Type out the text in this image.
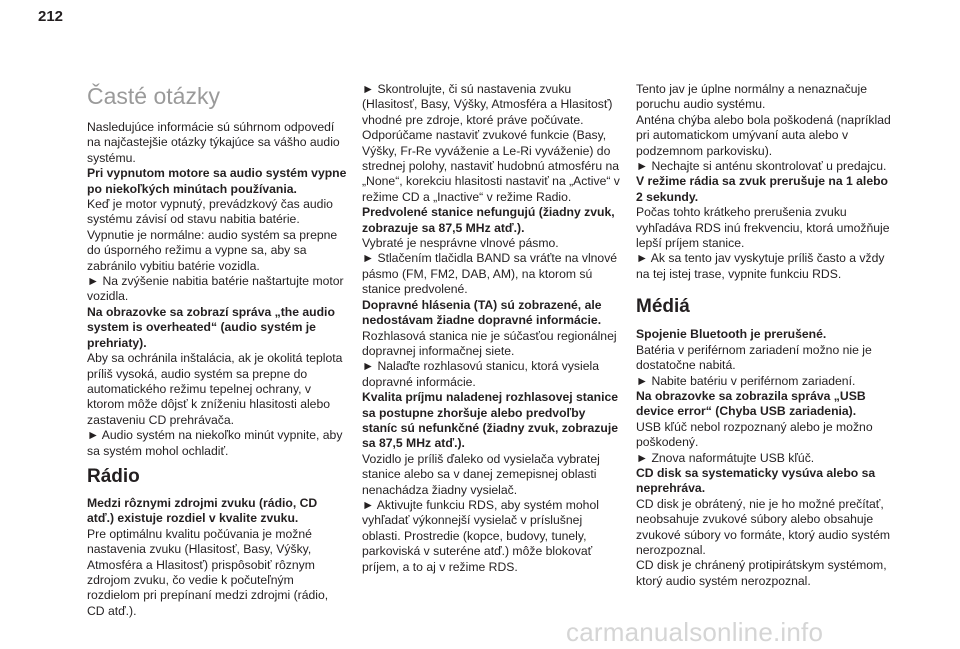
212
Časté otázky

Nasledujúce informácie sú súhrnom odpovedí na najčastejšie otázky týkajúce sa vášho audio systému.

Pri vypnutom motore sa audio systém vypne po niekoľkých minútach používania.

Keď je motor vypnutý, prevádzkový čas audio systému závisí od stavu nabitia batérie.

Vypnutie je normálne: audio systém sa prepne do úsporného režimu a vypne sa, aby sa zabránilo vybitiu batérie vozidla.

► Na zvýšenie nabitia batérie naštartujte motor vozidla.

Na obrazovke sa zobrazí správa „the audio system is overheated“ (audio systém je prehriaty).

Aby sa ochránila inštalácia, ak je okolitá teplota príliš vysoká, audio systém sa prepne do automatického režimu tepelnej ochrany, v ktorom môže dôjsť k zníženiu hlasitosti alebo zastaveniu CD prehrávača.

► Audio systém na niekoľko minút vypnite, aby sa systém mohol ochladiť.

Rádio

Medzi rôznymi zdrojmi zvuku (rádio, CD atď.) existuje rozdiel v kvalite zvuku.

Pre optimálnu kvalitu počúvania je možné nastavenia zvuku (Hlasitosť, Basy, Výšky, Atmosféra a Hlasitosť) prispôsobiť rôznym zdrojom zvuku, čo vedie k počuteľným rozdielom pri prepínaní medzi zdrojmi (rádio, CD atď.).

► Skontrolujte, či sú nastavenia zvuku (Hlasitosť, Basy, Výšky, Atmosféra a Hlasitosť) vhodné pre zdroje, ktoré práve počúvate. Odporúčame nastaviť zvukové funkcie (Basy, Výšky, Fr-Re vyváženie a Le-Ri vyváženie) do strednej polohy, nastaviť hudobnú atmosféru na „None“, korekciu hlasitosti nastaviť na „Active“ v režime CD a „Inactive“ v režime Radio.

Predvolené stanice nefungujú (žiadny zvuk, zobrazuje sa 87,5 MHz atď.).

Vybraté je nesprávne vlnové pásmo.

► Stlačením tlačidla BAND sa vráťte na vlnové pásmo (FM, FM2, DAB, AM), na ktorom sú stanice predvolené.

Dopravné hlásenia (TA) sú zobrazené, ale nedostávam žiadne dopravné informácie.

Rozhlasová stanica nie je súčasťou regionálnej dopravnej informačnej siete.

► Nalaďte rozhlasovú stanicu, ktorá vysiela dopravné informácie.

Kvalita príjmu naladenej rozhlasovej stanice sa postupne zhoršuje alebo predvoľby staníc sú nefunkčné (žiadny zvuk, zobrazuje sa 87,5 MHz atď.).

Vozidlo je príliš ďaleko od vysielača vybratej stanice alebo sa v danej zemepisnej oblasti nenachádza žiadny vysielač.

► Aktivujte funkciu RDS, aby systém mohol vyhľadať výkonnejší vysielač v príslušnej oblasti. Prostredie (kopce, budovy, tunely, parkoviská v suteréne atď.) môže blokovať príjem, a to aj v režime RDS.

Tento jav je úplne normálny a nenaznačuje poruchu audio systému.

Anténa chýba alebo bola poškodená (napríklad pri automatickom umývaní auta alebo v podzemnom parkovisku).

► Nechajte si anténu skontrolovať u predajcu.

V režime rádia sa zvuk prerušuje na 1 alebo 2 sekundy.

Počas tohto krátkeho prerušenia zvuku vyhľadáva RDS inú frekvenciu, ktorá umožňuje lepší príjem stanice.

► Ak sa tento jav vyskytuje príliš často a vždy na tej istej trase, vypnite funkciu RDS.

Médiá

Spojenie Bluetooth je prerušené.

Batéria v periférnom zariadení možno nie je dostatočne nabitá.

► Nabite batériu v periférnom zariadení.

Na obrazovke sa zobrazila správa „USB device error“ (Chyba USB zariadenia).

USB kľúč nebol rozpoznaný alebo je možno poškodený.

► Znova naformátujte USB kľúč.

CD disk sa systematicky vysúva alebo sa neprehráva.

CD disk je obrátený, nie je ho možné prečítať, neobsahuje zvukové súbory alebo obsahuje zvukové súbory vo formáte, ktorý audio systém nerozpoznal.

CD disk je chránený protipirátskym systémom, ktorý audio systém nerozpoznal.

carmanualsonline.info
